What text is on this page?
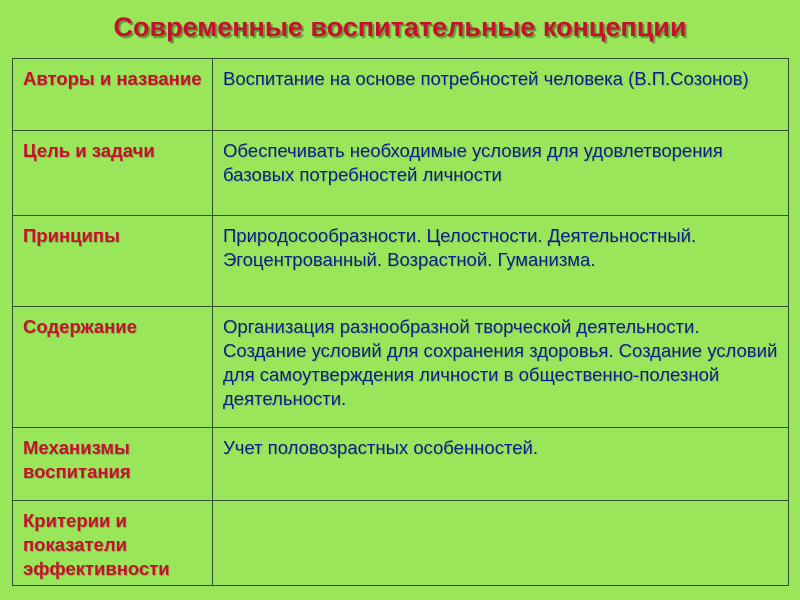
Современные воспитательные концепции
Авторы и название	Воспитание на основе потребностей человека (В.П.Созонов)
Цель и задачи	Обеспечивать необходимые условия для удовлетворения базовых потребностей личности
Принципы	Природосообразности. Целостности. Деятельностный. Эгоцентрованный. Возрастной. Гуманизма.
Содержание	Организация разнообразной творческой деятельности. Создание условий для сохранения здоровья. Создание условий для самоутверждения личности в общественно-полезной деятельности.
Механизмы воспитания	Учет половозрастных особенностей.
Критерии и показатели эффективности	
